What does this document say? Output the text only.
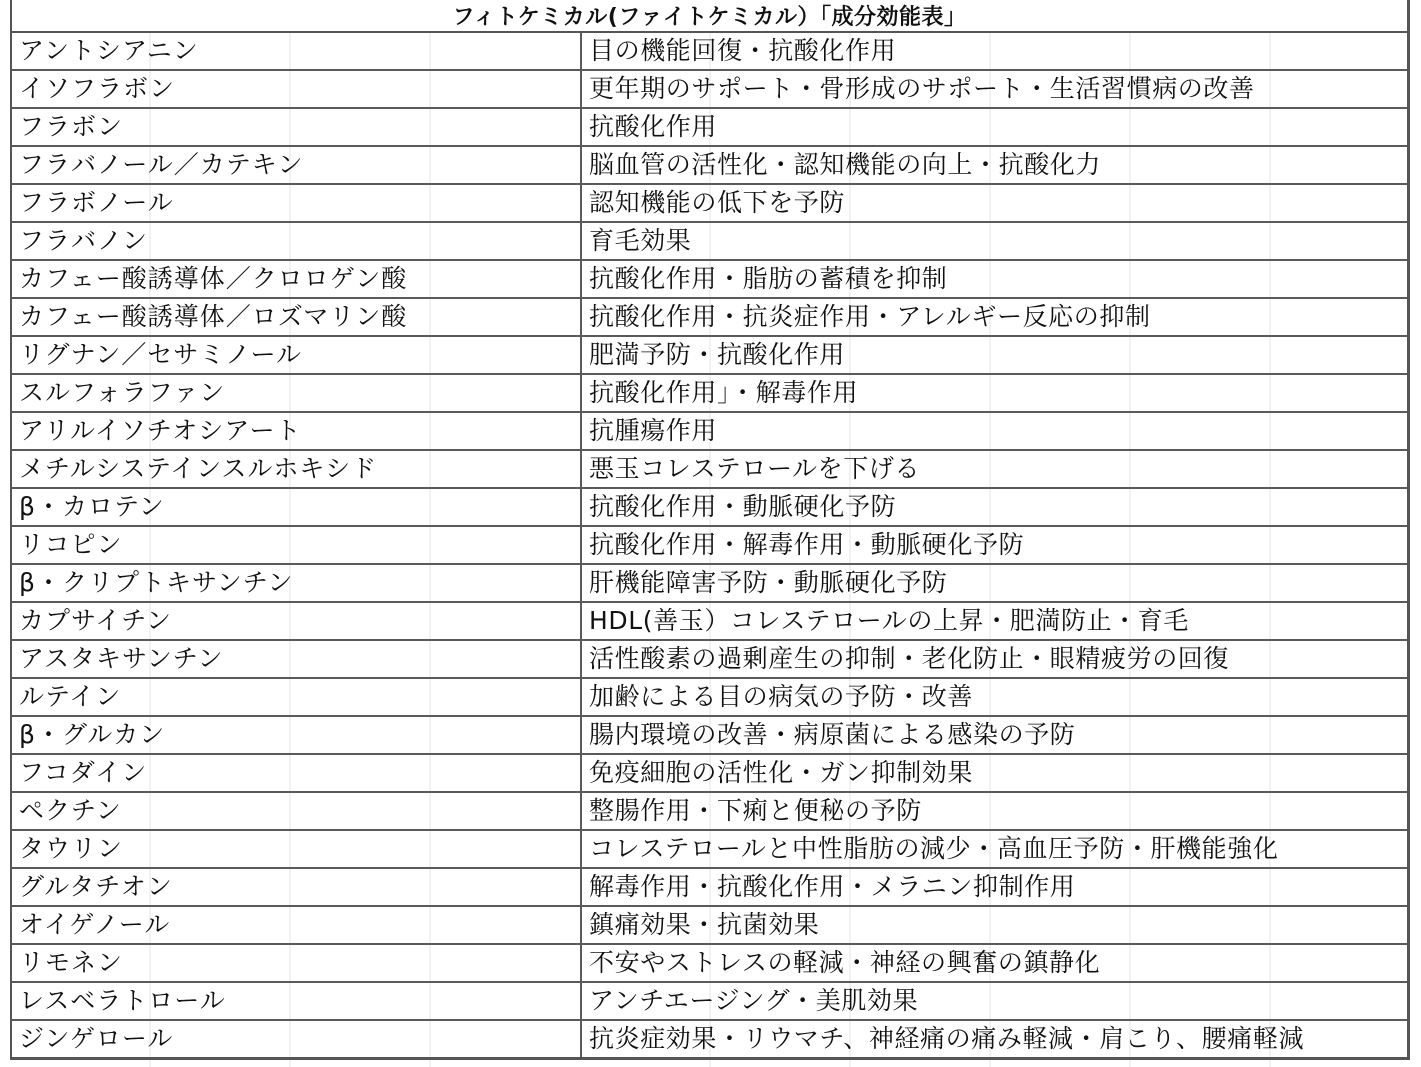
フィトケミカル(ファイトケミカル）「成分効能表」
アントシアニン	目の機能回復・抗酸化作用
イソフラボン	更年期のサポート・骨形成のサポート・生活習慣病の改善
フラボン	抗酸化作用
フラバノール／カテキン	脳血管の活性化・認知機能の向上・抗酸化力
フラボノール	認知機能の低下を予防
フラバノン	育毛効果
カフェー酸誘導体／クロロゲン酸	抗酸化作用・脂肪の蓄積を抑制
カフェー酸誘導体／ロズマリン酸	抗酸化作用・抗炎症作用・アレルギー反応の抑制
リグナン／セサミノール	肥満予防・抗酸化作用
スルフォラファン	抗酸化作用」・解毒作用
アリルイソチオシアート	抗腫瘍作用
メチルシステインスルホキシド	悪玉コレステロールを下げる
β・カロテン	抗酸化作用・動脈硬化予防
リコピン	抗酸化作用・解毒作用・動脈硬化予防
β・クリプトキサンチン	肝機能障害予防・動脈硬化予防
カプサイチン	HDL(善玉）コレステロールの上昇・肥満防止・育毛
アスタキサンチン	活性酸素の過剰産生の抑制・老化防止・眼精疲労の回復
ルテイン	加齢による目の病気の予防・改善
β・グルカン	腸内環境の改善・病原菌による感染の予防
フコダイン	免疫細胞の活性化・ガン抑制効果
ペクチン	整腸作用・下痢と便秘の予防
タウリン	コレステロールと中性脂肪の減少・高血圧予防・肝機能強化
グルタチオン	解毒作用・抗酸化作用・メラニン抑制作用
オイゲノール	鎮痛効果・抗菌効果
リモネン	不安やストレスの軽減・神経の興奮の鎮静化
レスベラトロール	アンチエージング・美肌効果
ジンゲロール	抗炎症効果・リウマチ、神経痛の痛み軽減・肩こり、腰痛軽減
